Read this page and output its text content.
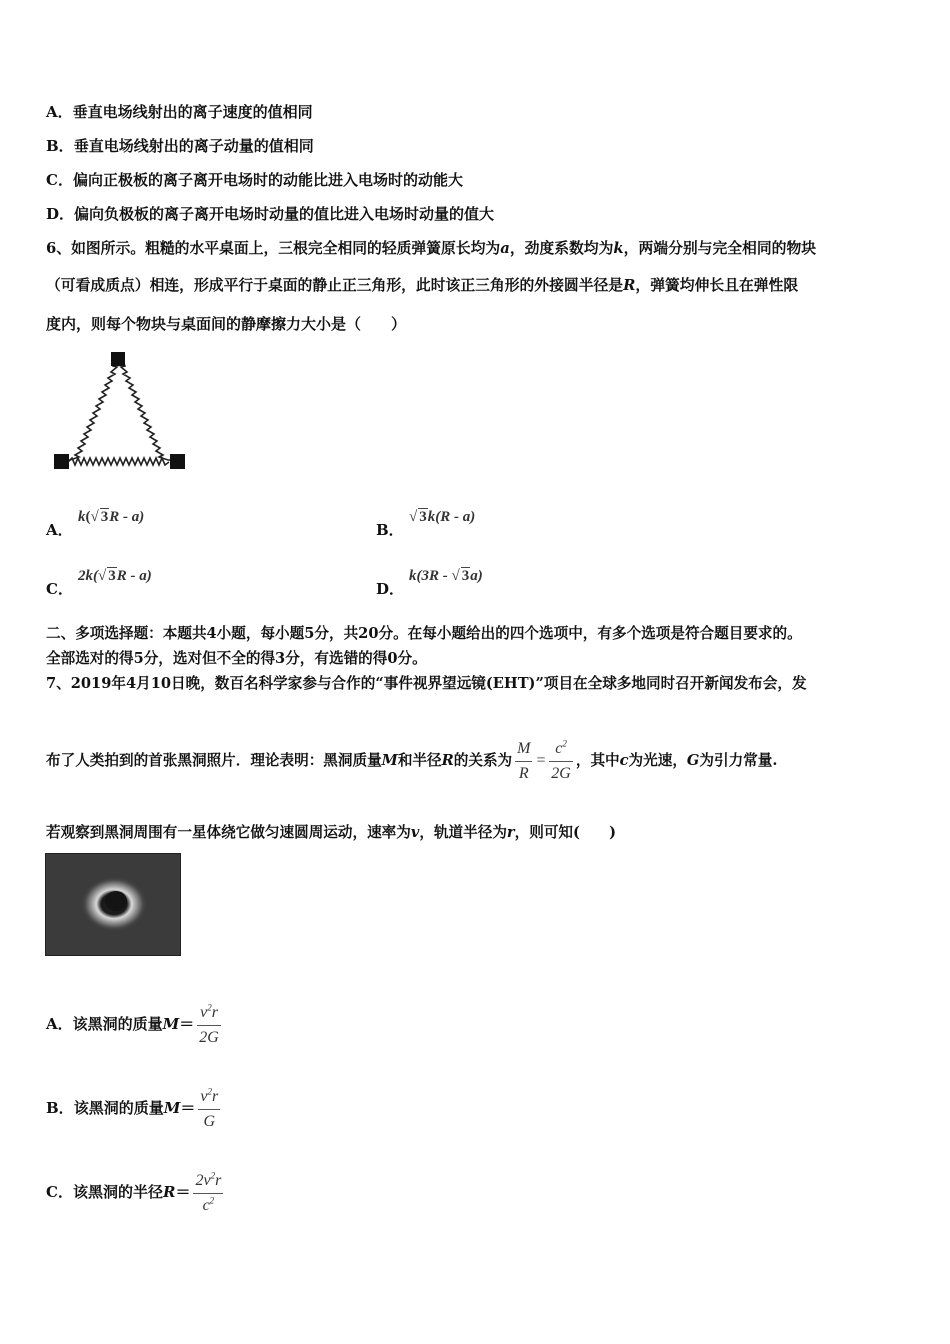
A．垂直电场线射出的离子速度的值相同
B．垂直电场线射出的离子动量的值相同
C．偏向正极板的离子离开电场时的动能比进入电场时的动能大
D．偏向负极板的离子离开电场时动量的值比进入电场时动量的值大
6、如图所示。粗糙的水平桌面上，三根完全相同的轻质弹簧原长均为a，劲度系数均为k，两端分别与完全相同的物块
（可看成质点）相连，形成平行于桌面的静止正三角形，此时该正三角形的外接圆半径是R，弹簧均伸长且在弹性限
度内，则每个物块与桌面间的静摩擦力大小是（　　）
A．
k(√ 3R - a)
B．
√ 3k(R - a)
C．
2k(√ 3R - a)
D．
k(3R - √ 3a)
二、多项选择题：本题共4小题，每小题5分，共20分。在每小题给出的四个选项中，有多个选项是符合题目要求的。
全部选对的得5分，选对但不全的得3分，有选错的得0分。
7、2019年4月10日晚，数百名科学家参与合作的“事件视界望远镜(EHT)”项目在全球多地同时召开新闻发布会，发
布了人类拍到的首张黑洞照片．理论表明：黑洞质量M和半径R的关系为 $\frac{M}{R} = \frac{c^2}{2G}$ ，其中c为光速，G为引力常量.
若观察到黑洞周围有一星体绕它做匀速圆周运动，速率为v，轨道半径为r，则可知(　　)
A．该黑洞的质量$M= \frac{v^2r}{2G}$
B．该黑洞的质量$M= \frac{v^2r}{G}$
C．该黑洞的半径$R= \frac{2v^2r}{c^2}$
